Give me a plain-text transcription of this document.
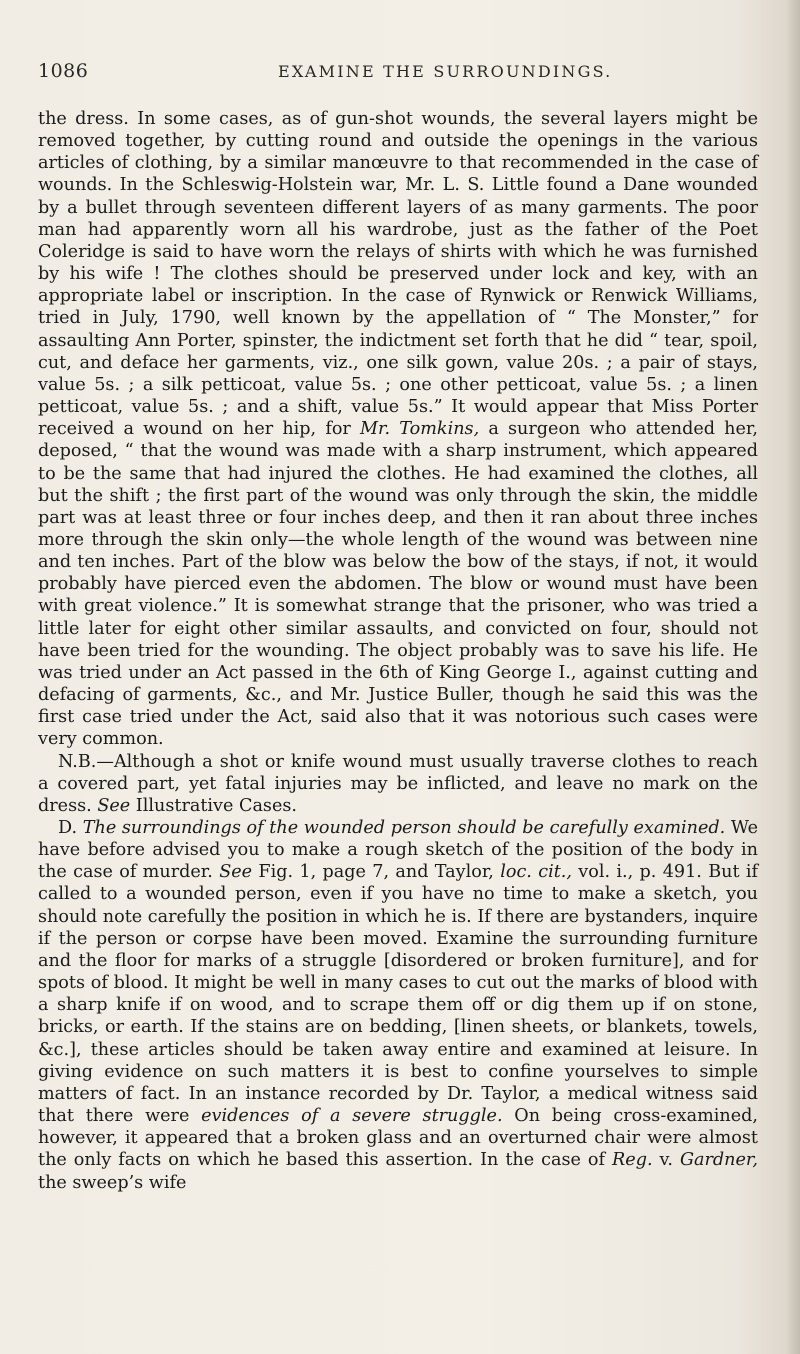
1086	EXAMINE THE SURROUNDINGS.

the dress. In some cases, as of gun-shot wounds, the several layers might be removed together, by cutting round and outside the openings in the various articles of clothing, by a similar manœuvre to that recommended in the case of wounds. In the Schleswig-Holstein war, Mr. L. S. Little found a Dane wounded by a bullet through seventeen different layers of as many garments. The poor man had apparently worn all his wardrobe, just as the father of the Poet Coleridge is said to have worn the relays of shirts with which he was furnished by his wife ! The clothes should be preserved under lock and key, with an appropriate label or inscription. In the case of Rynwick or Renwick Williams, tried in July, 1790, well known by the appellation of “ The Monster,” for assaulting Ann Porter, spinster, the indictment set forth that he did “ tear, spoil, cut, and deface her garments, viz., one silk gown, value 20s. ; a pair of stays, value 5s. ; a silk petticoat, value 5s. ; one other petticoat, value 5s. ; a linen petticoat, value 5s. ; and a shift, value 5s.” It would appear that Miss Porter received a wound on her hip, for Mr. Tomkins, a surgeon who attended her, deposed, “ that the wound was made with a sharp instrument, which appeared to be the same that had injured the clothes. He had examined the clothes, all but the shift ; the first part of the wound was only through the skin, the middle part was at least three or four inches deep, and then it ran about three inches more through the skin only—the whole length of the wound was between nine and ten inches. Part of the blow was below the bow of the stays, if not, it would probably have pierced even the abdomen. The blow or wound must have been with great violence.” It is somewhat strange that the prisoner, who was tried a little later for eight other similar assaults, and convicted on four, should not have been tried for the wounding. The object probably was to save his life. He was tried under an Act passed in the 6th of King George I., against cutting and defacing of garments, &c., and Mr. Justice Buller, though he said this was the first case tried under the Act, said also that it was notorious such cases were very common.

N.B.—Although a shot or knife wound must usually traverse clothes to reach a covered part, yet fatal injuries may be inflicted, and leave no mark on the dress. See Illustrative Cases.

D. The surroundings of the wounded person should be carefully examined. We have before advised you to make a rough sketch of the position of the body in the case of murder. See Fig. 1, page 7, and Taylor, loc. cit., vol. i., p. 491. But if called to a wounded person, even if you have no time to make a sketch, you should note carefully the position in which he is. If there are bystanders, inquire if the person or corpse have been moved. Examine the surrounding furniture and the floor for marks of a struggle [disordered or broken furniture], and for spots of blood. It might be well in many cases to cut out the marks of blood with a sharp knife if on wood, and to scrape them off or dig them up if on stone, bricks, or earth. If the stains are on bedding, [linen sheets, or blankets, towels, &c.], these articles should be taken away entire and examined at leisure. In giving evidence on such matters it is best to confine yourselves to simple matters of fact. In an instance recorded by Dr. Taylor, a medical witness said that there were evidences of a severe struggle. On being cross-examined, however, it appeared that a broken glass and an overturned chair were almost the only facts on which he based this assertion. In the case of Reg. v. Gardner, the sweep’s wife
